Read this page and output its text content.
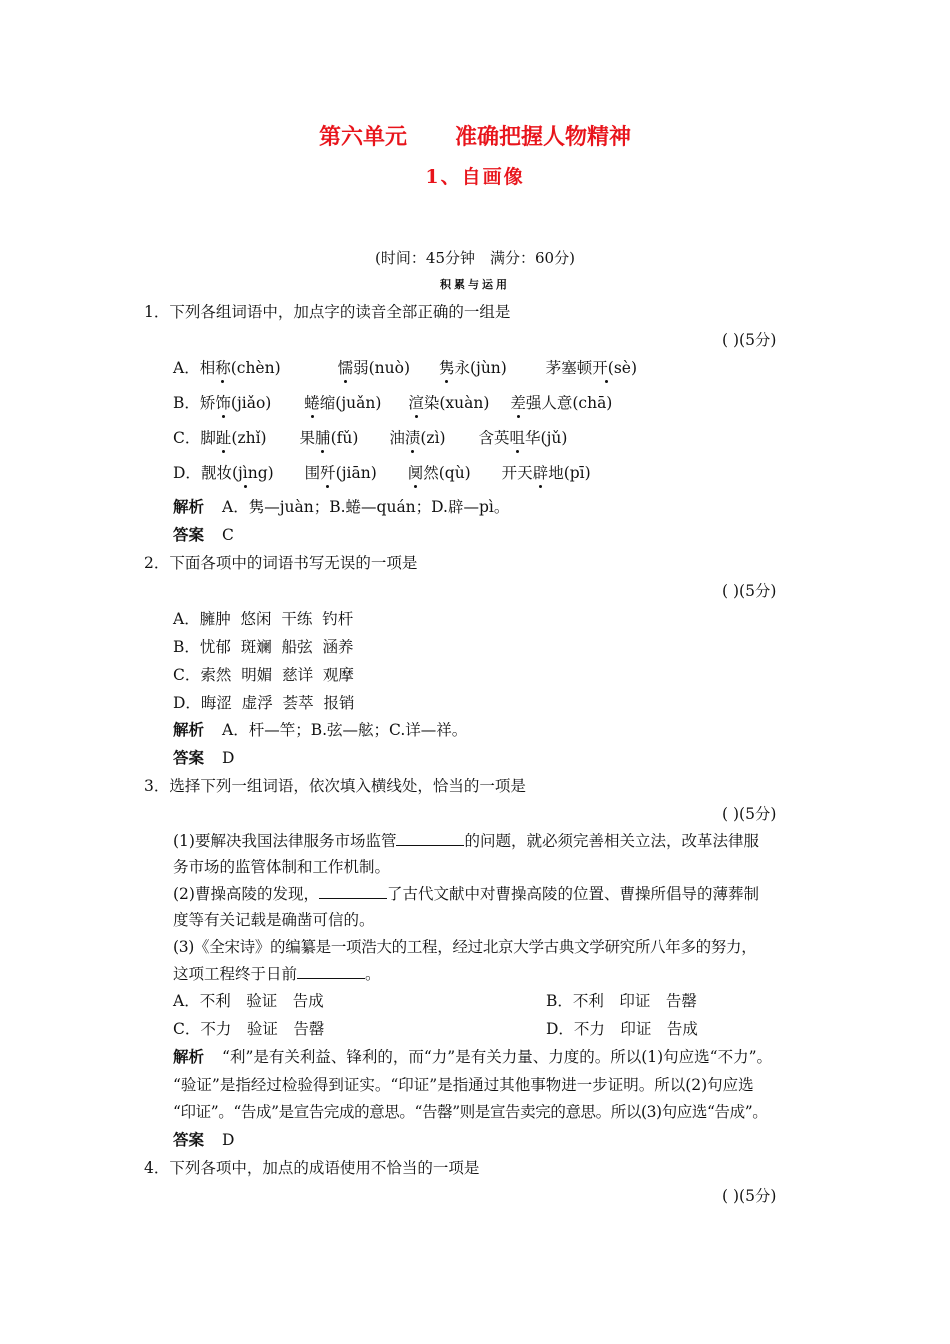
第六单元 准确把握人物精神
1、自画像
(时间：45分钟　满分：60分)
积累与运用
1．下列各组词语中，加点字的读音全部正确的一组是
( )(5分)
A．相称(chèn)	懦弱(nuò) 隽永(jùn)	茅塞顿开(sè)
B．矫饰(jiǎo) 蜷缩(juǎn) 渲染(xuàn) 差强人意(chā)
C．脚趾(zhǐ) 果脯(fǔ) 油渍(zì) 含英咀华(jǔ)
D．靓妆(jìng) 围歼(jiān) 阒然(qù) 开天辟地(pī)
解析 A．隽—juàn；B.蜷—quán；D.辟—pì。
答案 C
2．下面各项中的词语书写无误的一项是
( )(5分)
A．臃肿  悠闲  干练  钓杆
B．忧郁  斑斓  船弦  涵养
C．索然  明媚  慈详  观摩
D．晦涩  虚浮  荟萃  报销
解析 A．杆—竿；B.弦—舷；C.详—祥。
答案 D
3．选择下列一组词语，依次填入横线处，恰当的一项是
( )(5分)
(1)要解决我国法律服务市场监管	的问题，就必须完善相关立法，改革法律服
务市场的监管体制和工作机制。
(2)曹操高陵的发现，	了古代文献中对曹操高陵的位置、曹操所倡导的薄葬制
度等有关记载是确凿可信的。
(3)《全宋诗》的编纂是一项浩大的工程，经过北京大学古典文学研究所八年多的努力，
这项工程终于日前	。
A．不利　验证　告成	B．不利　印证　告罄
C．不力　验证　告罄	D．不力　印证　告成
解析 “利”是有关利益、锋利的，而“力”是有关力量、力度的。所以(1)句应选“不力”。
“验证”是指经过检验得到证实。“印证”是指通过其他事物进一步证明。所以(2)句应选
“印证”。“告成”是宣告完成的意思。“告罄”则是宣告卖完的意思。所以(3)句应选“告成”。
答案 D
4．下列各项中，加点的成语使用不恰当的一项是
( )(5分)
